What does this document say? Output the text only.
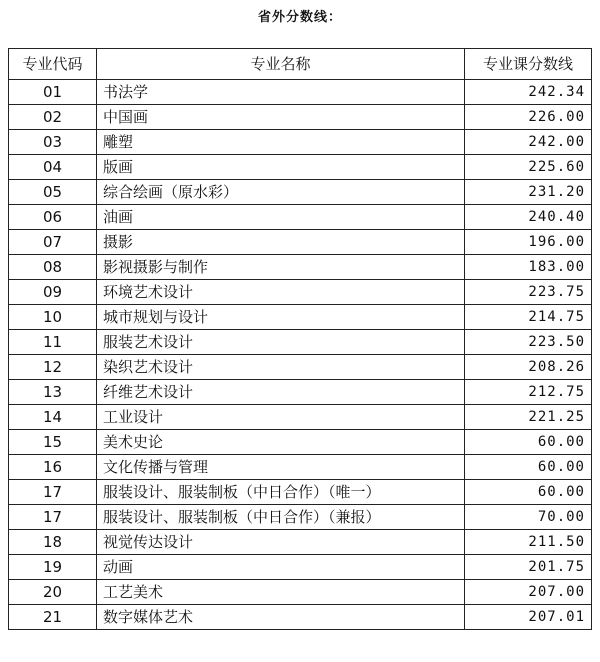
省外分数线：
专业代码	专业名称	专业课分数线
01	书法学	242.34
02	中国画	226.00
03	雕塑	242.00
04	版画	225.60
05	综合绘画（原水彩）	231.20
06	油画	240.40
07	摄影	196.00
08	影视摄影与制作	183.00
09	环境艺术设计	223.75
10	城市规划与设计	214.75
11	服装艺术设计	223.50
12	染织艺术设计	208.26
13	纤维艺术设计	212.75
14	工业设计	221.25
15	美术史论	60.00
16	文化传播与管理	60.00
17	服装设计、服装制板（中日合作）（唯一）	60.00
17	服装设计、服装制板（中日合作）（兼报）	70.00
18	视觉传达设计	211.50
19	动画	201.75
20	工艺美术	207.00
21	数字媒体艺术	207.01
